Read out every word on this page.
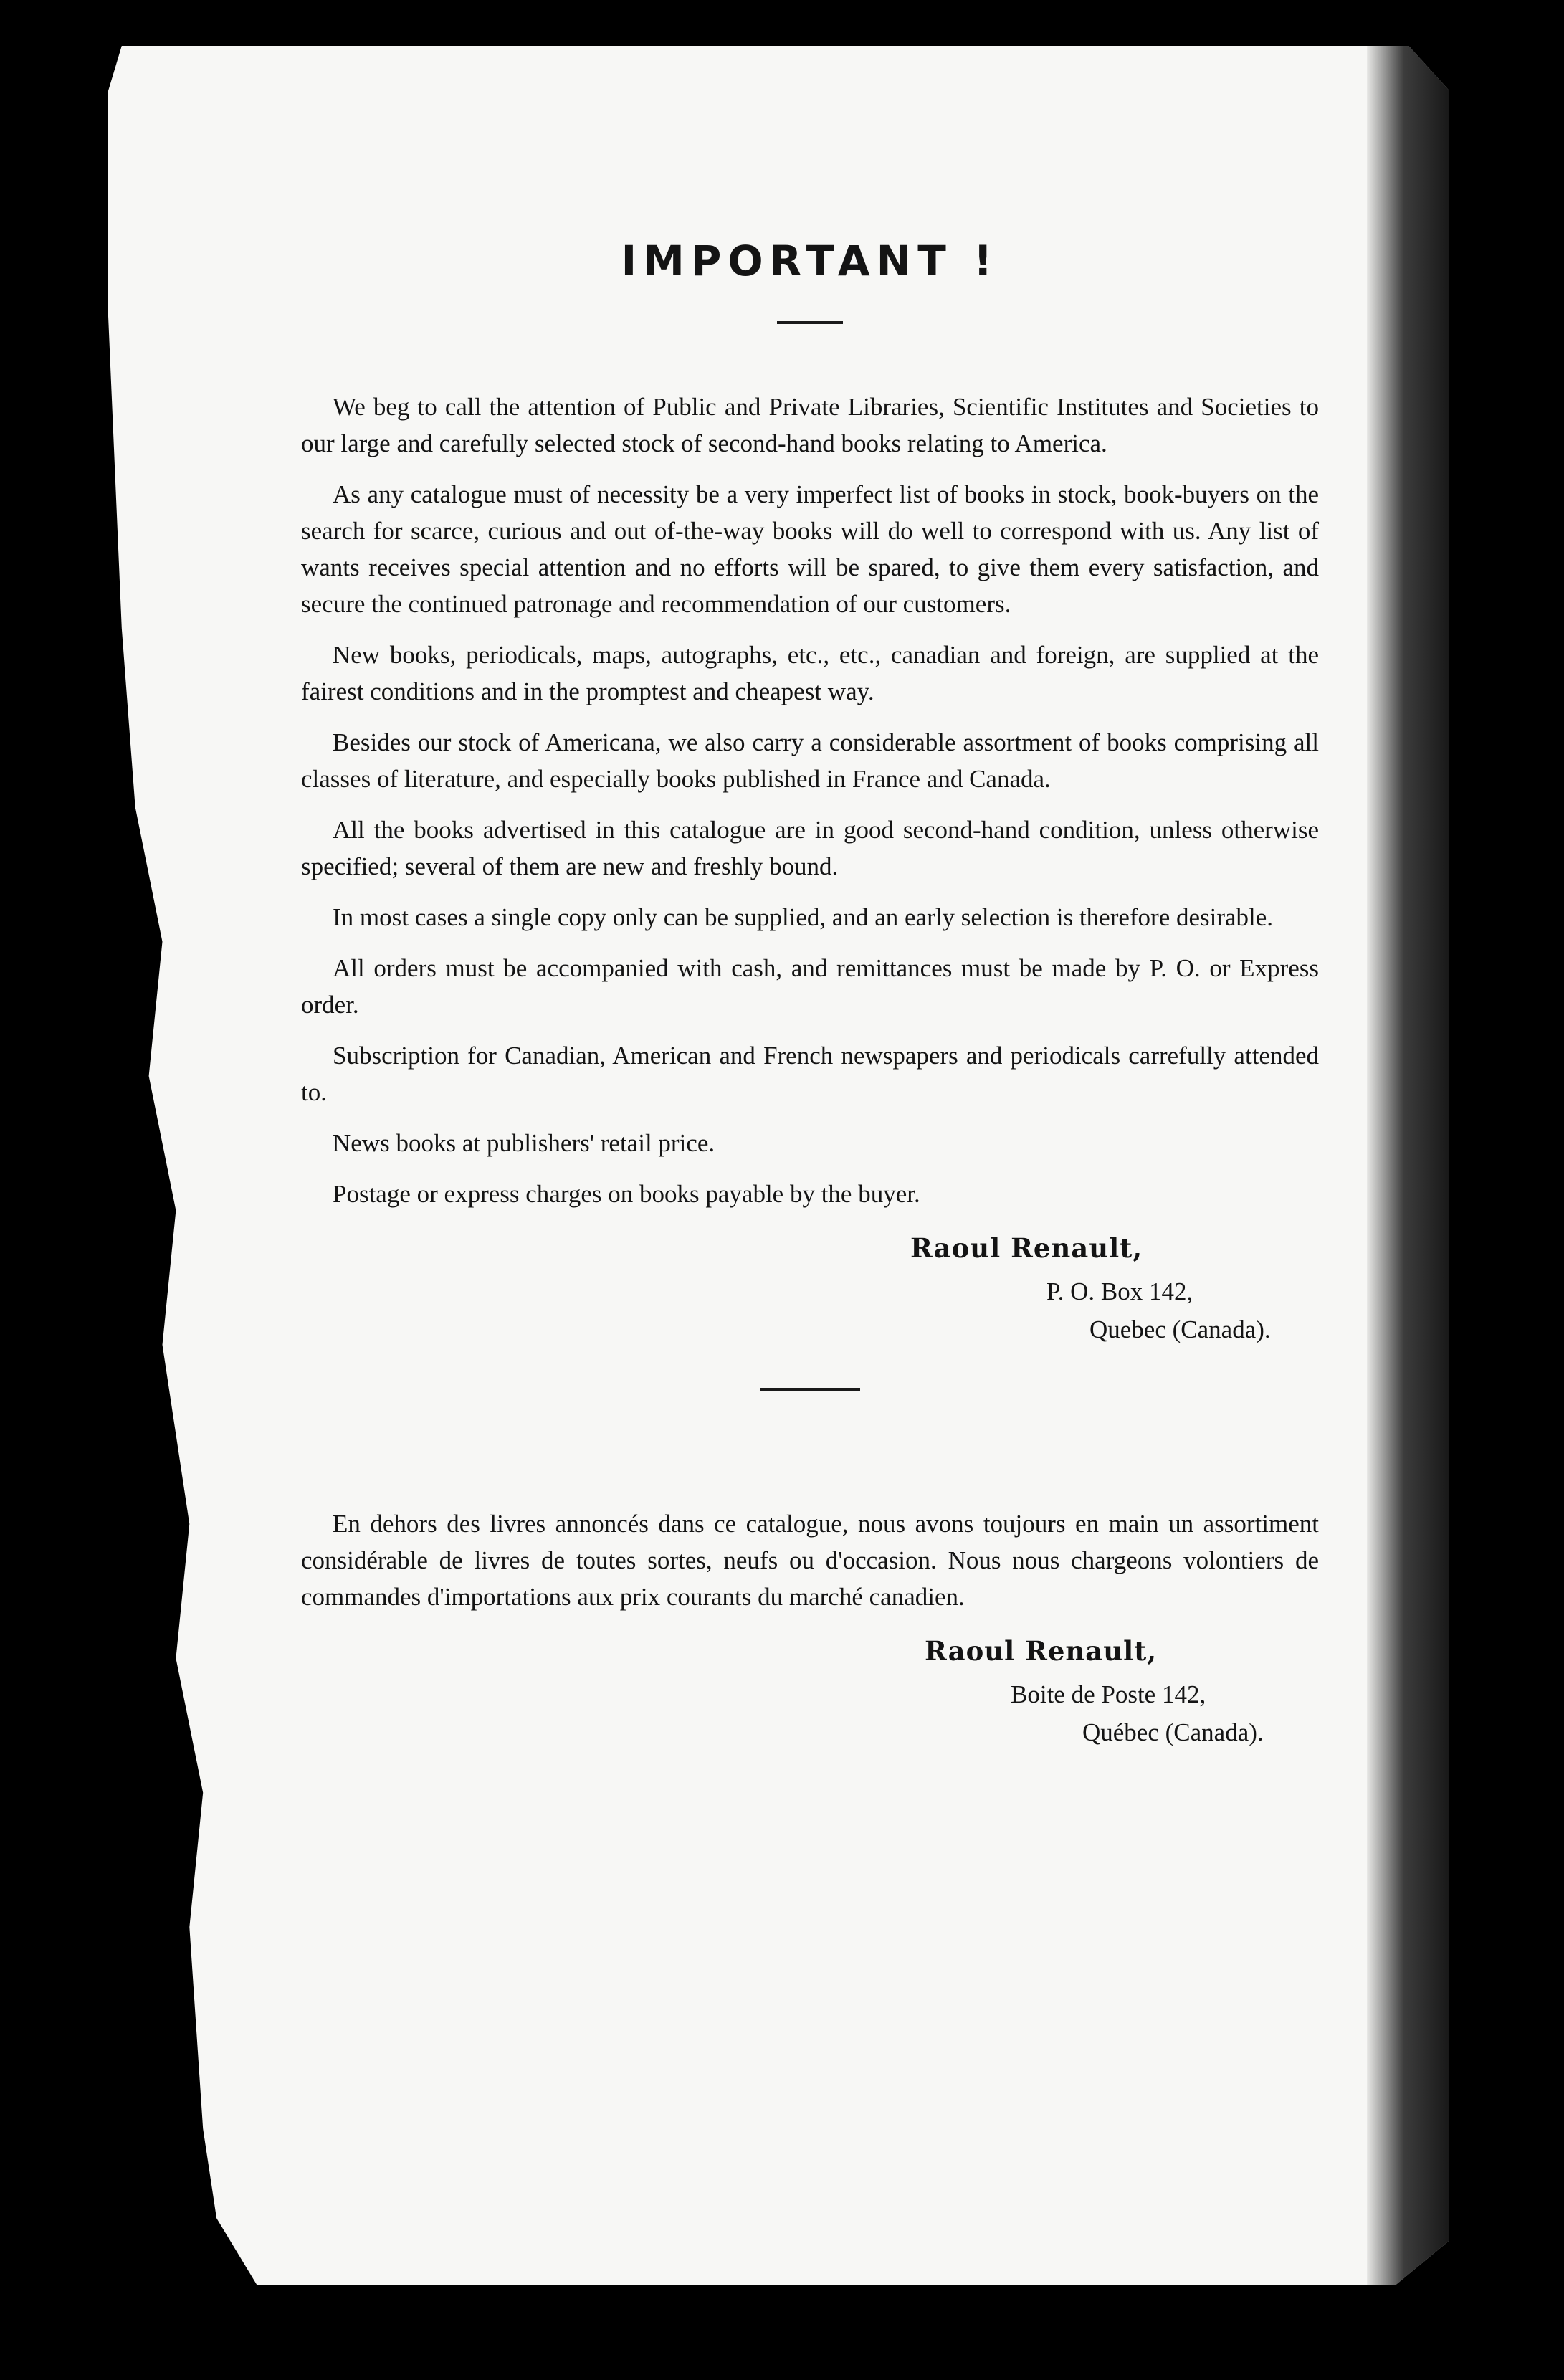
IMPORTANT !

We beg to call the attention of Public and Private Libraries, Scientific Institutes and Societies to our large and carefully selected stock of second-hand books relating to America.

As any catalogue must of necessity be a very imperfect list of books in stock, book-buyers on the search for scarce, curious and out of-the-way books will do well to correspond with us. Any list of wants receives special attention and no efforts will be spared, to give them every satisfaction, and secure the continued patronage and recommendation of our customers.

New books, periodicals, maps, autographs, etc., etc., canadian and foreign, are supplied at the fairest conditions and in the promptest and cheapest way.

Besides our stock of Americana, we also carry a considerable assortment of books comprising all classes of literature, and especially books published in France and Canada.

All the books advertised in this catalogue are in good second-hand condition, unless otherwise specified; several of them are new and freshly bound.

In most cases a single copy only can be supplied, and an early selection is therefore desirable.

All orders must be accompanied with cash, and remittances must be made by P. O. or Express order.

Subscription for Canadian, American and French newspapers and periodicals carrefully attended to.

News books at publishers' retail price.

Postage or express charges on books payable by the buyer.

Raoul Renault,
P. O. Box 142,
Quebec (Canada).

En dehors des livres annoncés dans ce catalogue, nous avons toujours en main un assortiment considérable de livres de toutes sortes, neufs ou d'occasion. Nous nous chargeons volontiers de commandes d'importations aux prix courants du marché canadien.

Raoul Renault,
Boite de Poste 142,
Québec (Canada).
